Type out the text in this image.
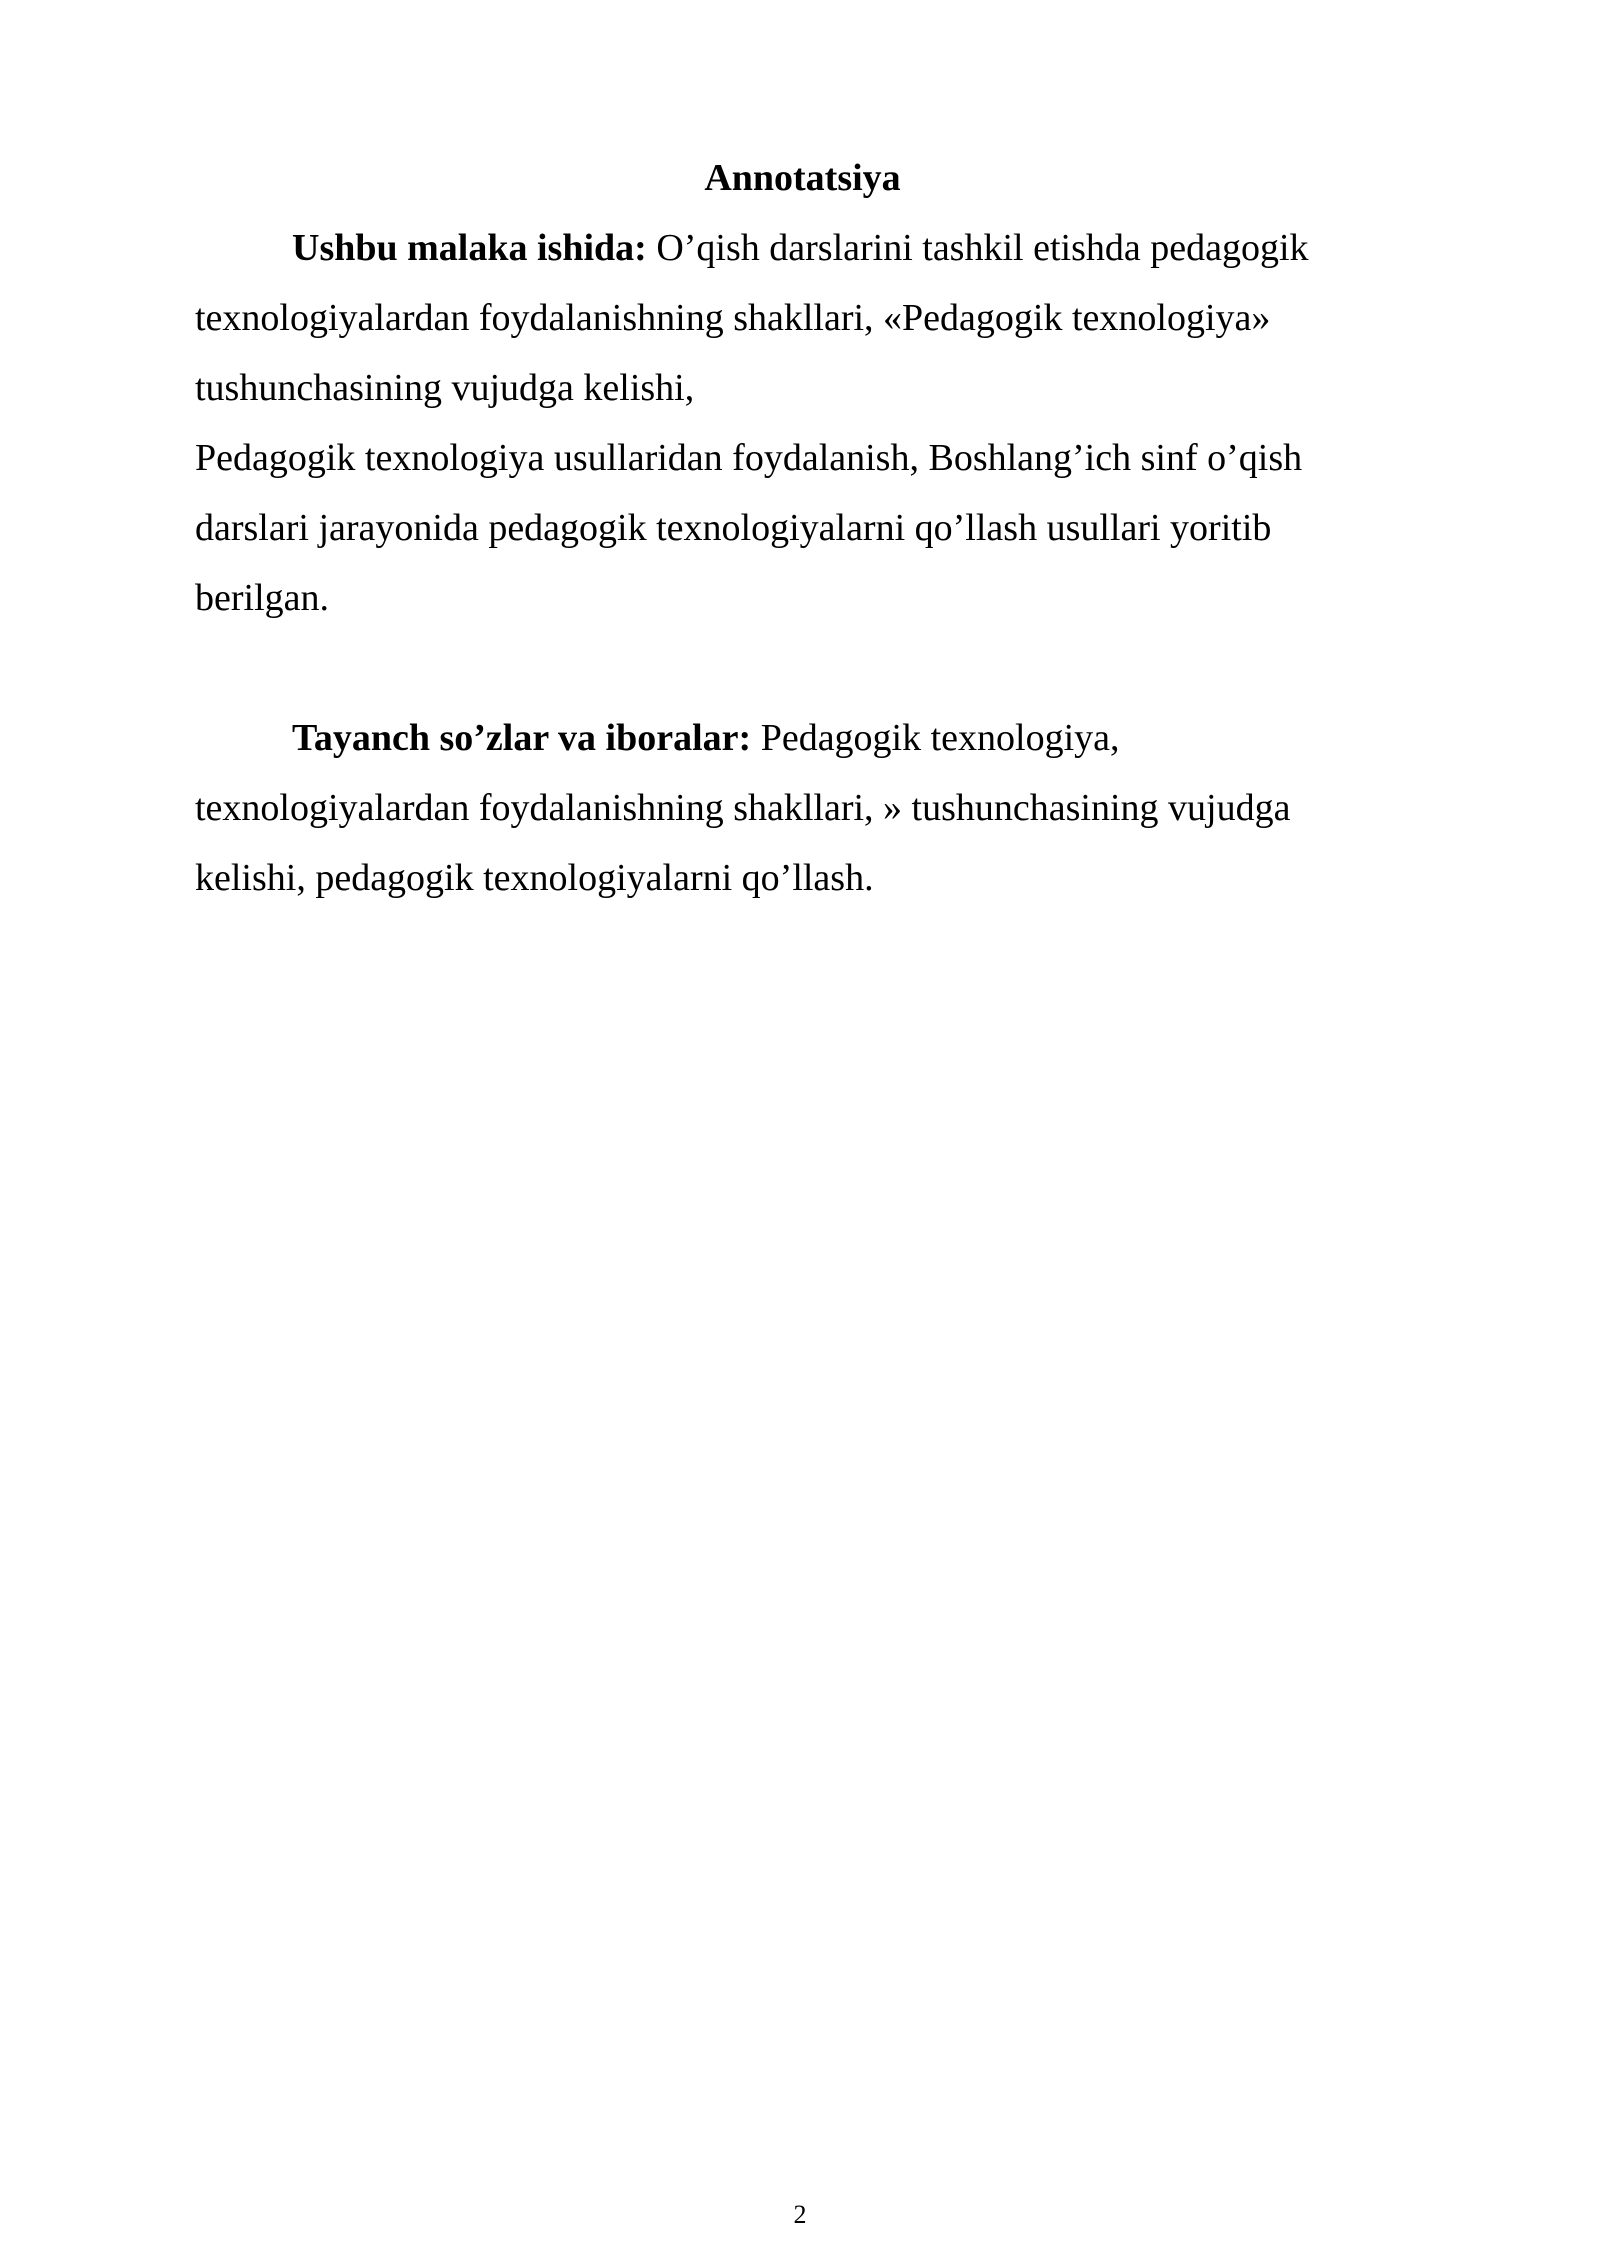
Annotatsiya
Ushbu malaka ishida: O’qish darslarini tashkil etishda pedagogik
texnologiyalardan foydalanishning shakllari, «Pedagogik texnologiya»
tushunchasining vujudga kelishi,
Pedagogik texnologiya usullaridan foydalanish, Boshlang’ich sinf o’qish
darslari jarayonida pedagogik texnologiyalarni qo’llash usullari yoritib
berilgan.
Tayanch so’zlar va iboralar: Pedagogik texnologiya,
texnologiyalardan foydalanishning shakllari, » tushunchasining vujudga
kelishi, pedagogik texnologiyalarni qo’llash.
2
